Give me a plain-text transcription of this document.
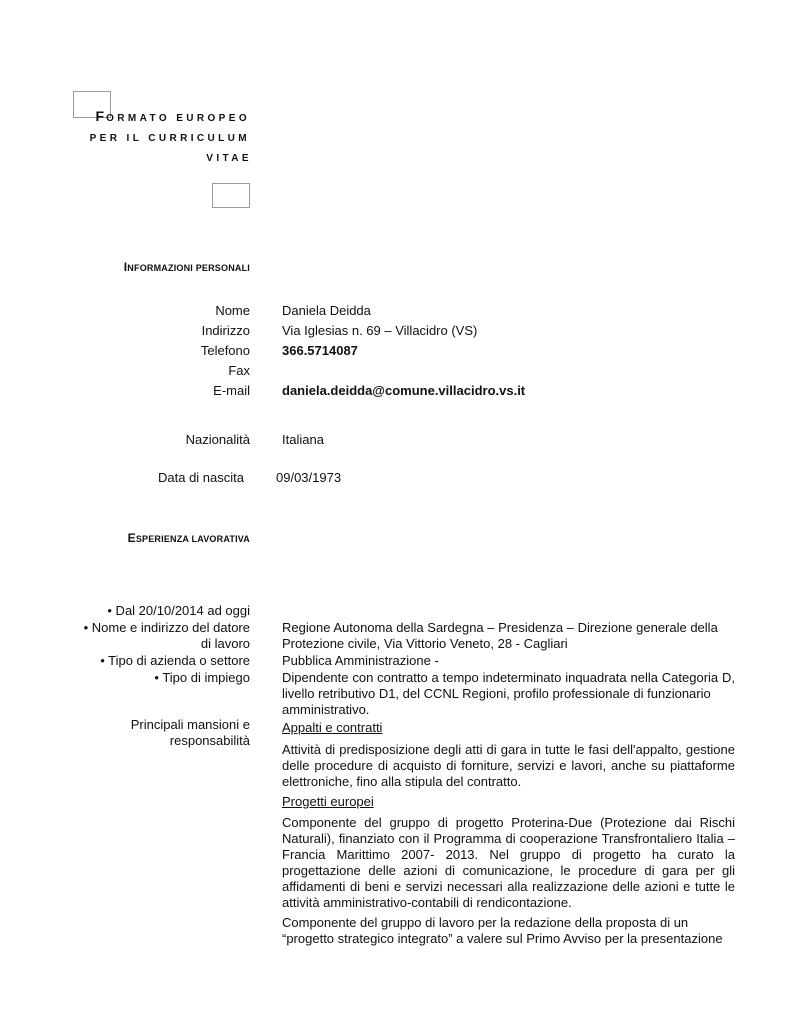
FORMATO EUROPEO
PER IL CURRICULUM
VITAE
INFORMAZIONI PERSONALI
Nome Daniela Deidda
Indirizzo Via Iglesias n. 69 – Villacidro (VS)
Telefono 366.5714087
Fax
E-mail daniela.deidda@comune.villacidro.vs.it
Nazionalità Italiana
Data di nascita 09/03/1973
ESPERIENZA LAVORATIVA
• Dal 20/10/2014 ad oggi
• Nome e indirizzo del datore
di lavoro
Regione Autonoma della Sardegna – Presidenza – Direzione generale della
Protezione civile, Via Vittorio Veneto, 28 - Cagliari
• Tipo di azienda o settore Pubblica Amministrazione -
• Tipo di impiego Dipendente con contratto a tempo indeterminato inquadrata nella Categoria D,
livello retributivo D1, del CCNL Regioni, profilo professionale di funzionario
amministrativo.
Principali mansioni e
responsabilità
Appalti e contratti
Attività di predisposizione degli atti di gara in tutte le fasi dell'appalto, gestione
delle procedure di acquisto di forniture, servizi e lavori, anche su piattaforme
elettroniche, fino alla stipula del contratto.
Progetti europei
Componente del gruppo di progetto Proterina-Due (Protezione dai Rischi
Naturali), finanziato con il Programma di cooperazione Transfrontaliero Italia –
Francia Marittimo 2007- 2013. Nel gruppo di progetto ha curato la
progettazione delle azioni di comunicazione, le procedure di gara per gli
affidamenti di beni e servizi necessari alla realizzazione delle azioni e tutte le
attività amministrativo-contabili di rendicontazione.
Componente del gruppo di lavoro per la redazione della proposta di un
“progetto strategico integrato” a valere sul Primo Avviso per la presentazione
